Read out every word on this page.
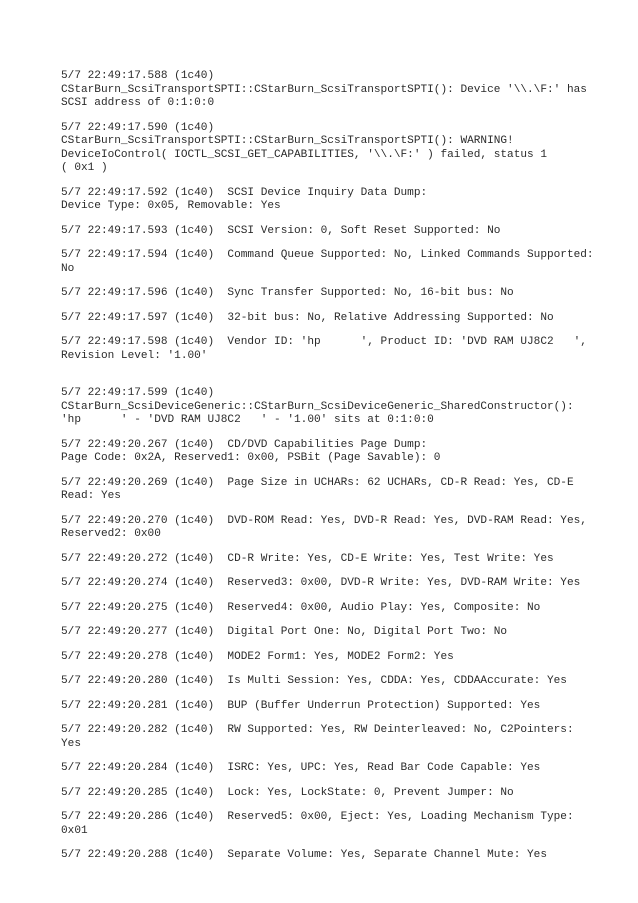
5/7 22:49:17.588 (1c40)
CStarBurn_ScsiTransportSPTI::CStarBurn_ScsiTransportSPTI(): Device '\\.\F:' has
SCSI address of 0:1:0:0
5/7 22:49:17.590 (1c40)
CStarBurn_ScsiTransportSPTI::CStarBurn_ScsiTransportSPTI(): WARNING!
DeviceIoControl( IOCTL_SCSI_GET_CAPABILITIES, '\\.\F:' ) failed, status 1
( 0x1 )
5/7 22:49:17.592 (1c40)  SCSI Device Inquiry Data Dump:
Device Type: 0x05, Removable: Yes
5/7 22:49:17.593 (1c40)  SCSI Version: 0, Soft Reset Supported: No
5/7 22:49:17.594 (1c40)  Command Queue Supported: No, Linked Commands Supported:
No
5/7 22:49:17.596 (1c40)  Sync Transfer Supported: No, 16-bit bus: No
5/7 22:49:17.597 (1c40)  32-bit bus: No, Relative Addressing Supported: No
5/7 22:49:17.598 (1c40)  Vendor ID: 'hp      ', Product ID: 'DVD RAM UJ8C2   ',
Revision Level: '1.00'
5/7 22:49:17.599 (1c40)
CStarBurn_ScsiDeviceGeneric::CStarBurn_ScsiDeviceGeneric_SharedConstructor():
'hp      ' - 'DVD RAM UJ8C2   ' - '1.00' sits at 0:1:0:0
5/7 22:49:20.267 (1c40)  CD/DVD Capabilities Page Dump:
Page Code: 0x2A, Reserved1: 0x00, PSBit (Page Savable): 0
5/7 22:49:20.269 (1c40)  Page Size in UCHARs: 62 UCHARs, CD-R Read: Yes, CD-E
Read: Yes
5/7 22:49:20.270 (1c40)  DVD-ROM Read: Yes, DVD-R Read: Yes, DVD-RAM Read: Yes,
Reserved2: 0x00
5/7 22:49:20.272 (1c40)  CD-R Write: Yes, CD-E Write: Yes, Test Write: Yes
5/7 22:49:20.274 (1c40)  Reserved3: 0x00, DVD-R Write: Yes, DVD-RAM Write: Yes
5/7 22:49:20.275 (1c40)  Reserved4: 0x00, Audio Play: Yes, Composite: No
5/7 22:49:20.277 (1c40)  Digital Port One: No, Digital Port Two: No
5/7 22:49:20.278 (1c40)  MODE2 Form1: Yes, MODE2 Form2: Yes
5/7 22:49:20.280 (1c40)  Is Multi Session: Yes, CDDA: Yes, CDDAAccurate: Yes
5/7 22:49:20.281 (1c40)  BUP (Buffer Underrun Protection) Supported: Yes
5/7 22:49:20.282 (1c40)  RW Supported: Yes, RW Deinterleaved: No, C2Pointers:
Yes
5/7 22:49:20.284 (1c40)  ISRC: Yes, UPC: Yes, Read Bar Code Capable: Yes
5/7 22:49:20.285 (1c40)  Lock: Yes, LockState: 0, Prevent Jumper: No
5/7 22:49:20.286 (1c40)  Reserved5: 0x00, Eject: Yes, Loading Mechanism Type:
0x01
5/7 22:49:20.288 (1c40)  Separate Volume: Yes, Separate Channel Mute: Yes
